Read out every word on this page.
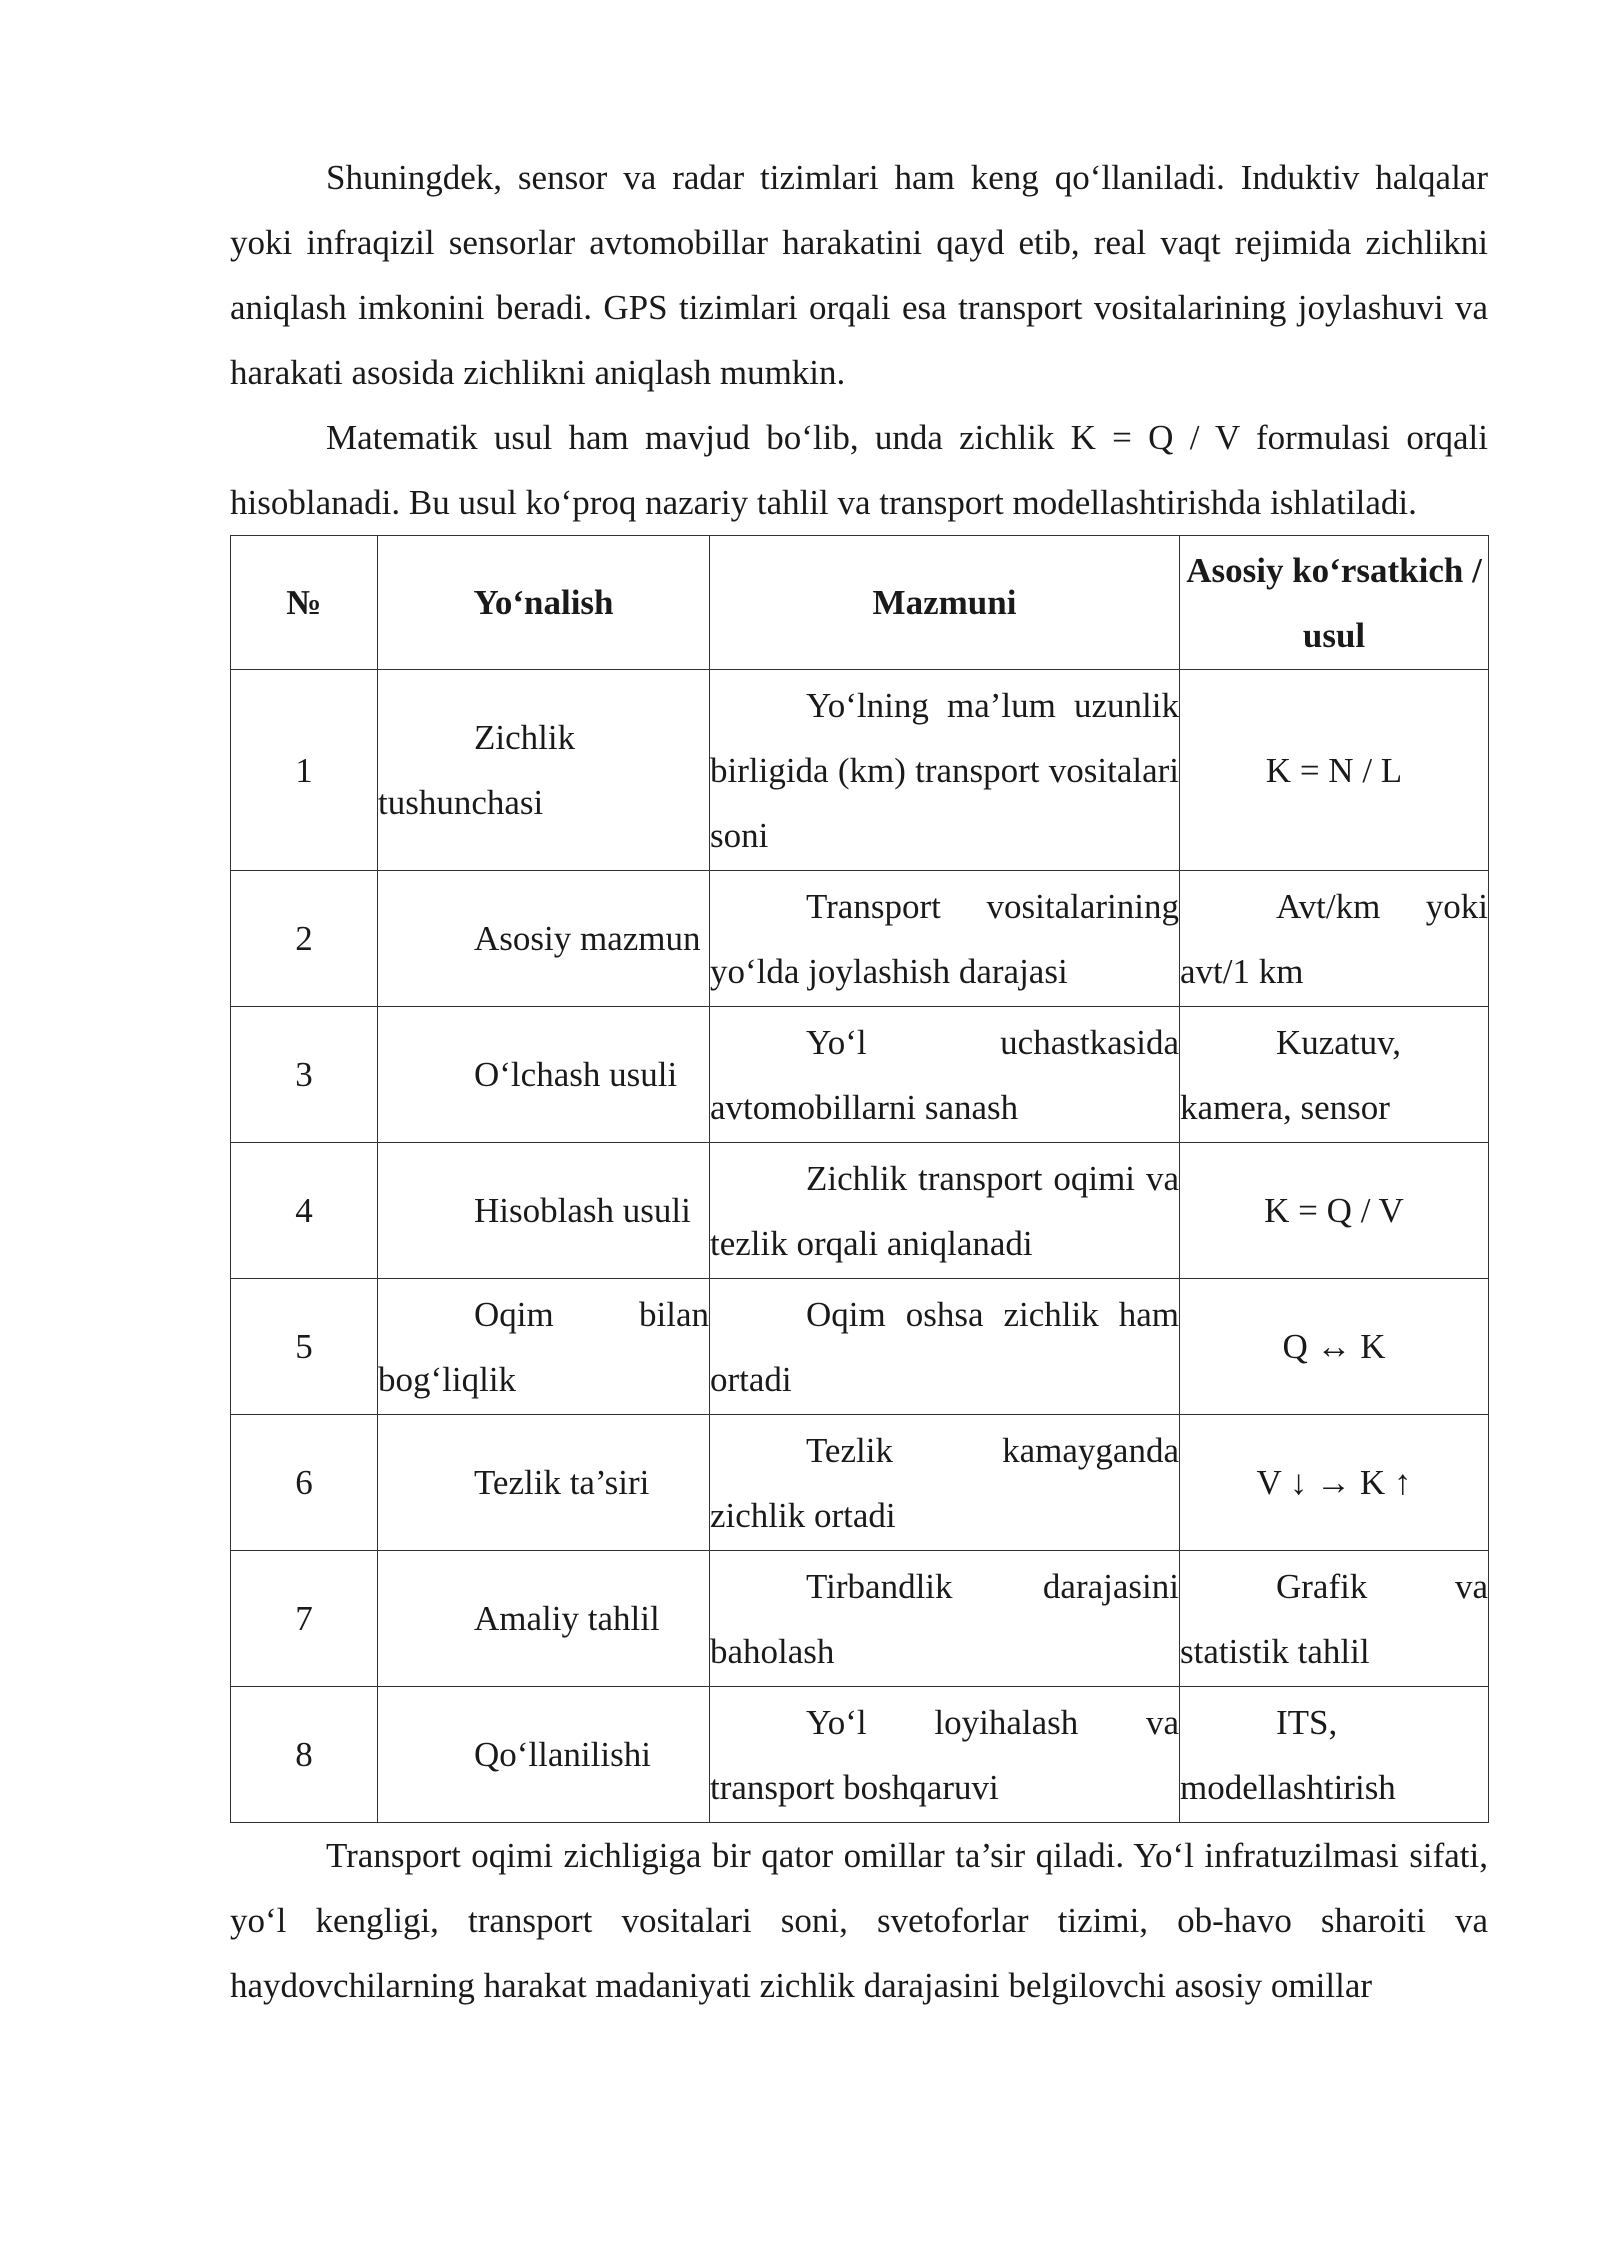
Shuningdek, sensor va radar tizimlari ham keng qo‘llaniladi. Induktiv halqalar yoki infraqizil sensorlar avtomobillar harakatini qayd etib, real vaqt rejimida zichlikni aniqlash imkonini beradi. GPS tizimlari orqali esa transport vositalarining joylashuvi va harakati asosida zichlikni aniqlash mumkin.

Matematik usul ham mavjud bo‘lib, unda zichlik K = Q / V formulasi orqali hisoblanadi. Bu usul ko‘proq nazariy tahlil va transport modellashtirishda ishlatiladi.

№	Yo‘nalish	Mazmuni	Asosiy ko‘rsatkich / usul
1	Zichlik tushunchasi	Yo‘lning ma’lum uzunlik birligida (km) transport vositalari soni	K = N / L
2	Asosiy mazmun	Transport vositalarining yo‘lda joylashish darajasi	Avt/km yoki avt/1 km
3	O‘lchash usuli	Yo‘l uchastkasida avtomobillarni sanash	Kuzatuv, kamera, sensor
4	Hisoblash usuli	Zichlik transport oqimi va tezlik orqali aniqlanadi	K = Q / V
5	Oqim bilan bog‘liqlik	Oqim oshsa zichlik ham ortadi	Q ↔ K
6	Tezlik ta’siri	Tezlik kamayganda zichlik ortadi	V ↓ → K ↑
7	Amaliy tahlil	Tirbandlik darajasini baholash	Grafik va statistik tahlil
8	Qo‘llanilishi	Yo‘l loyihalash va transport boshqaruvi	ITS, modellashtirish

Transport oqimi zichligiga bir qator omillar ta’sir qiladi. Yo‘l infratuzilmasi sifati, yo‘l kengligi, transport vositalari soni, svetoforlar tizimi, ob-havo sharoiti va haydovchilarning harakat madaniyati zichlik darajasini belgilovchi asosiy omillar
